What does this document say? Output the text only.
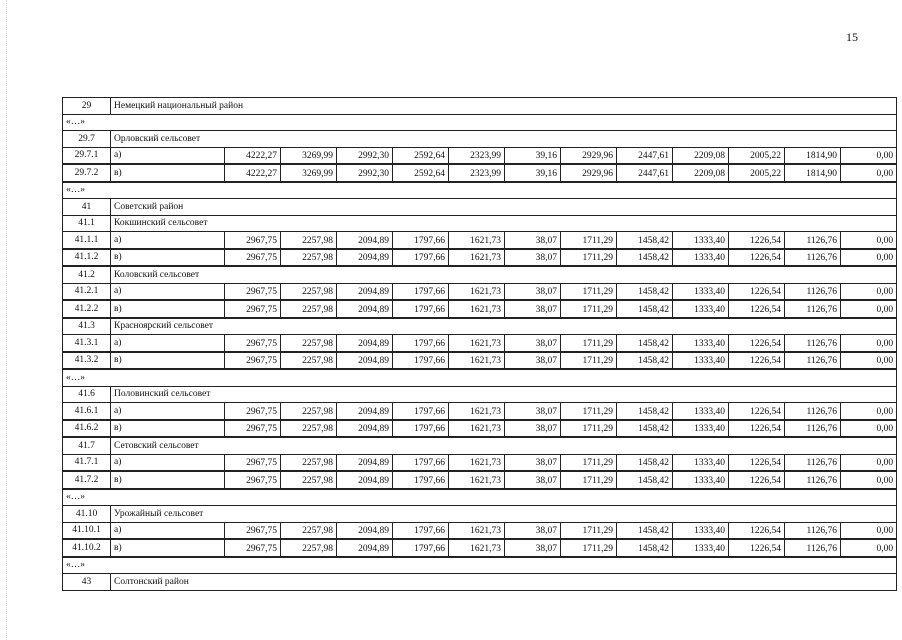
15
29	Немецкий национальный район												
«…»													
29.7	Орловский сельсовет												
29.7.1	а)	4222,27	3269,99	2992,30	2592,64	2323,99	39,16	2929,96	2447,61	2209,08	2005,22	1814,90	0,00
29.7.2	в)	4222,27	3269,99	2992,30	2592,64	2323,99	39,16	2929,96	2447,61	2209,08	2005,22	1814,90	0,00
«…»													
41	Советский район												
41.1	Кокшинский сельсовет												
41.1.1	а)	2967,75	2257,98	2094,89	1797,66	1621,73	38,07	1711,29	1458,42	1333,40	1226,54	1126,76	0,00
41.1.2	в)	2967,75	2257,98	2094,89	1797,66	1621,73	38,07	1711,29	1458,42	1333,40	1226,54	1126,76	0,00
41.2	Коловский сельсовет												
41.2.1	а)	2967,75	2257,98	2094,89	1797,66	1621,73	38,07	1711,29	1458,42	1333,40	1226,54	1126,76	0,00
41.2.2	в)	2967,75	2257,98	2094,89	1797,66	1621,73	38,07	1711,29	1458,42	1333,40	1226,54	1126,76	0,00
41.3	Красноярский сельсовет												
41.3.1	а)	2967,75	2257,98	2094,89	1797,66	1621,73	38,07	1711,29	1458,42	1333,40	1226,54	1126,76	0,00
41.3.2	в)	2967,75	2257,98	2094,89	1797,66	1621,73	38,07	1711,29	1458,42	1333,40	1226,54	1126,76	0,00
«…»													
41.6	Половинский сельсовет												
41.6.1	а)	2967,75	2257,98	2094,89	1797,66	1621,73	38,07	1711,29	1458,42	1333,40	1226,54	1126,76	0,00
41.6.2	в)	2967,75	2257,98	2094,89	1797,66	1621,73	38,07	1711,29	1458,42	1333,40	1226,54	1126,76	0,00
41.7	Сетовский сельсовет												
41.7.1	а)	2967,75	2257,98	2094,89	1797,66	1621,73	38,07	1711,29	1458,42	1333,40	1226,54	1126,76	0,00
41.7.2	в)	2967,75	2257,98	2094,89	1797,66	1621,73	38,07	1711,29	1458,42	1333,40	1226,54	1126,76	0,00
«…»													
41.10	Урожайный сельсовет												
41.10.1	а)	2967,75	2257,98	2094,89	1797,66	1621,73	38,07	1711,29	1458,42	1333,40	1226,54	1126,76	0,00
41.10.2	в)	2967,75	2257,98	2094,89	1797,66	1621,73	38,07	1711,29	1458,42	1333,40	1226,54	1126,76	0,00
«…»													
43	Солтонский район												
